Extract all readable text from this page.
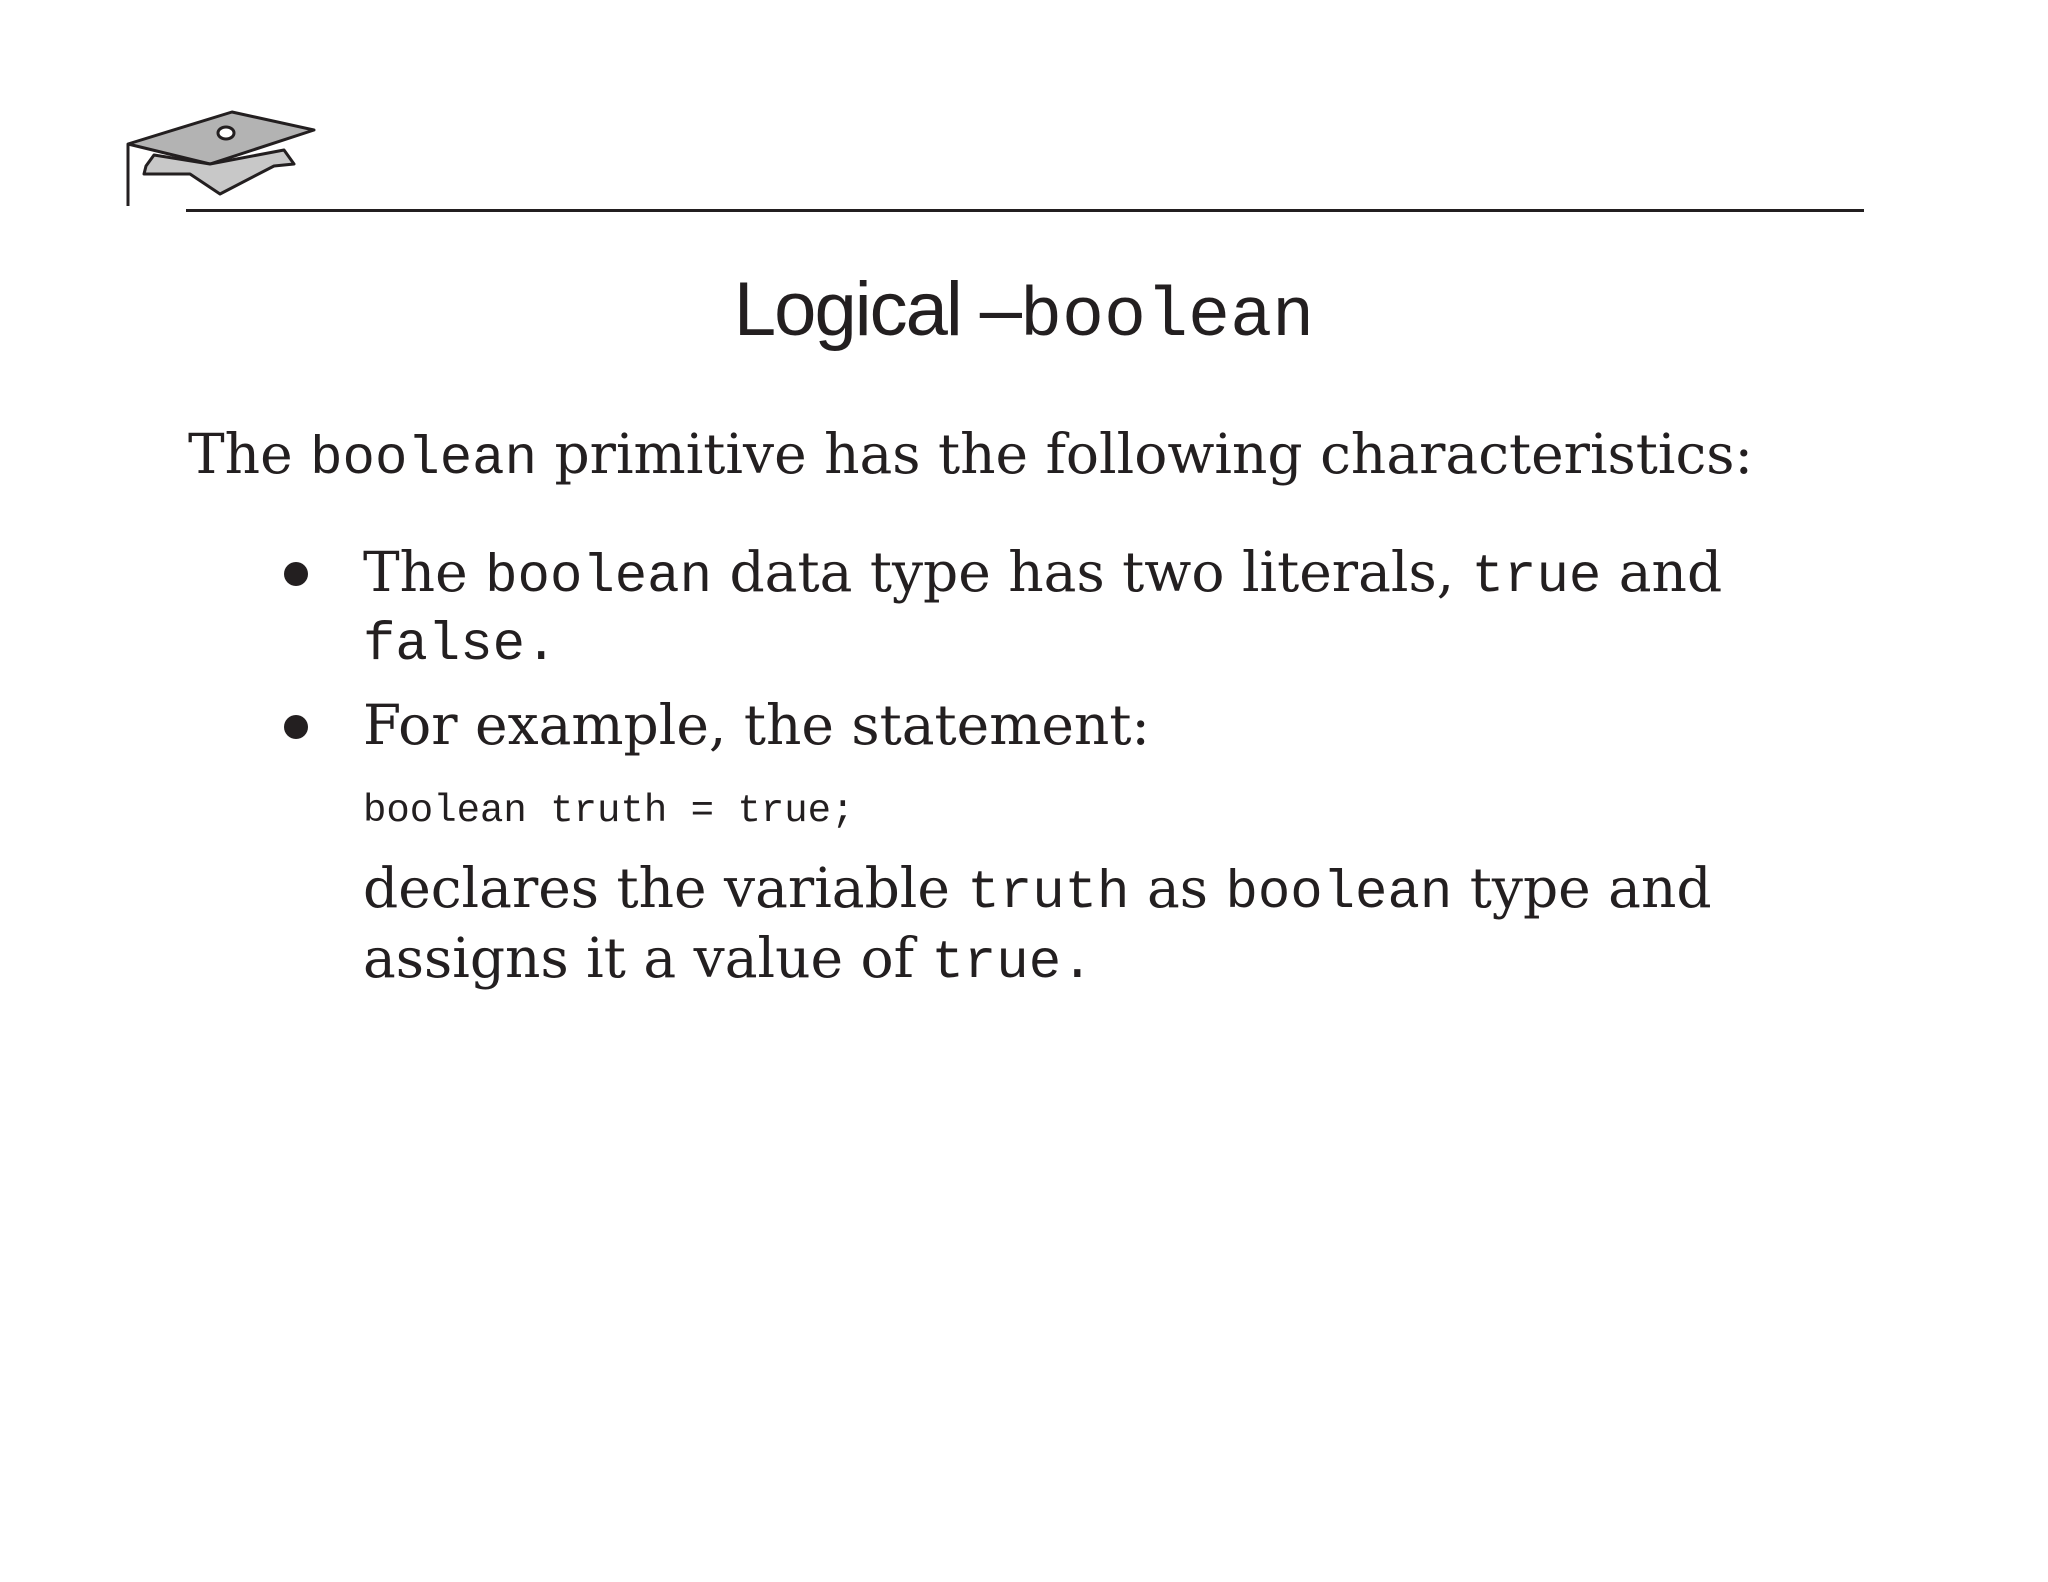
Logical –boolean
The boolean primitive has the following characteristics:
The boolean data type has two literals, true and
false.
For example, the statement:
boolean truth = true;
declares the variable truth as boolean type and
assigns it a value of true.
